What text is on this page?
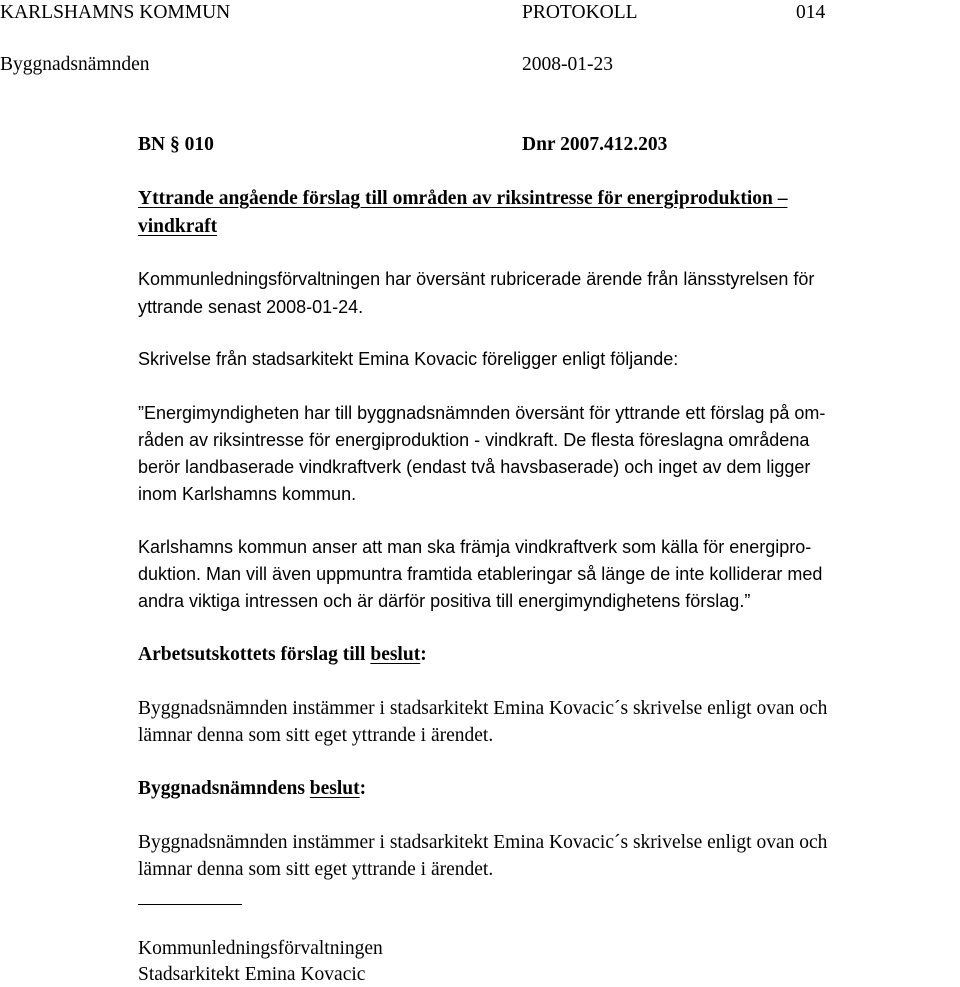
KARLSHAMNS KOMMUN	PROTOKOLL	014
Byggnadsnämnden	2008-01-23
BN § 010	Dnr 2007.412.203
Yttrande angående förslag till områden av riksintresse för energiproduktion –
vindkraft
Kommunledningsförvaltningen har översänt rubricerade ärende från länsstyrelsen för
yttrande senast 2008-01-24.
Skrivelse från stadsarkitekt Emina Kovacic föreligger enligt följande:
”Energimyndigheten har till byggnadsnämnden översänt för yttrande ett förslag på om-
råden av riksintresse för energiproduktion - vindkraft. De flesta föreslagna områdena
berör landbaserade vindkraftverk (endast två havsbaserade) och inget av dem ligger
inom Karlshamns kommun.
Karlshamns kommun anser att man ska främja vindkraftverk som källa för energipro-
duktion. Man vill även uppmuntra framtida etableringar så länge de inte kolliderar med
andra viktiga intressen och är därför positiva till energimyndighetens förslag.”
Arbetsutskottets förslag till beslut:
Byggnadsnämnden instämmer i stadsarkitekt Emina Kovacic´s skrivelse enligt ovan och
lämnar denna som sitt eget yttrande i ärendet.
Byggnadsnämndens beslut:
Byggnadsnämnden instämmer i stadsarkitekt Emina Kovacic´s skrivelse enligt ovan och
lämnar denna som sitt eget yttrande i ärendet.
Kommunledningsförvaltningen
Stadsarkitekt Emina Kovacic
